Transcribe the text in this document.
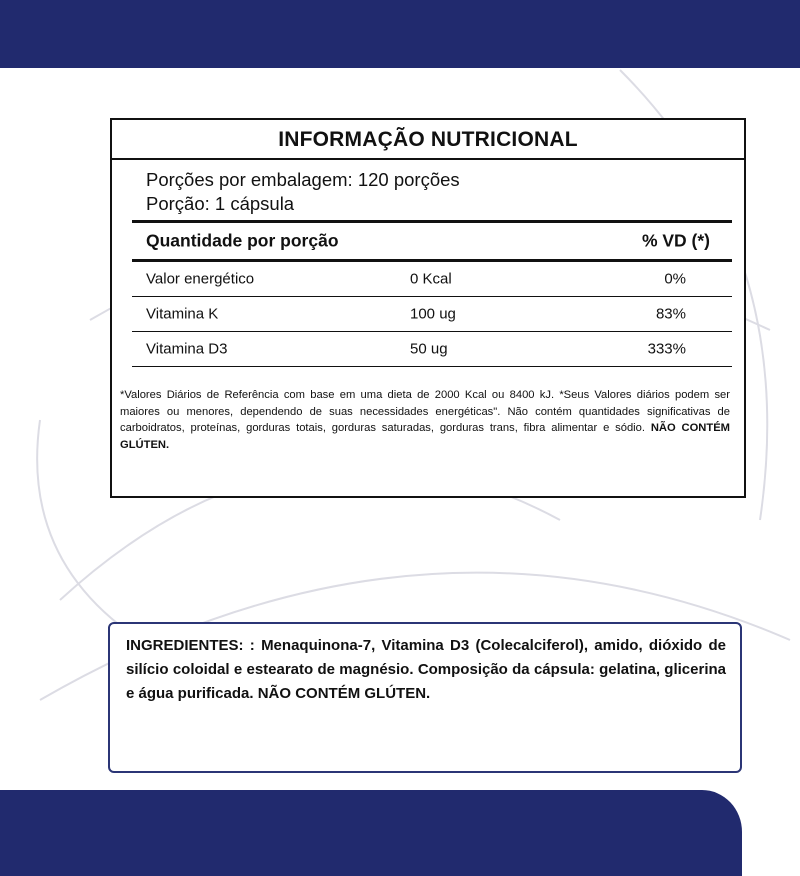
INFORMAÇÃO NUTRICIONAL
Porções por embalagem: 120 porções
Porção: 1 cápsula
Quantidade por porção	% VD (*)
Valor energético	0 Kcal	0%
Vitamina K	100 ug	83%
Vitamina D3	50 ug	333%
*Valores Diários de Referência com base em uma dieta de 2000 Kcal ou 8400 kJ. *Seus Valores diários podem ser maiores ou menores, dependendo de suas necessidades energéticas". Não contém quantidades significativas de carboidratos, proteínas, gorduras totais, gorduras saturadas, gorduras trans, fibra alimentar e sódio. NÃO CONTÉM GLÚTEN.
INGREDIENTES: : Menaquinona-7, Vitamina D3 (Colecalciferol), amido, dióxido de silício coloidal e estearato de magnésio. Composição da cápsula: gelatina, glicerina e água purificada. NÃO CONTÉM GLÚTEN.
